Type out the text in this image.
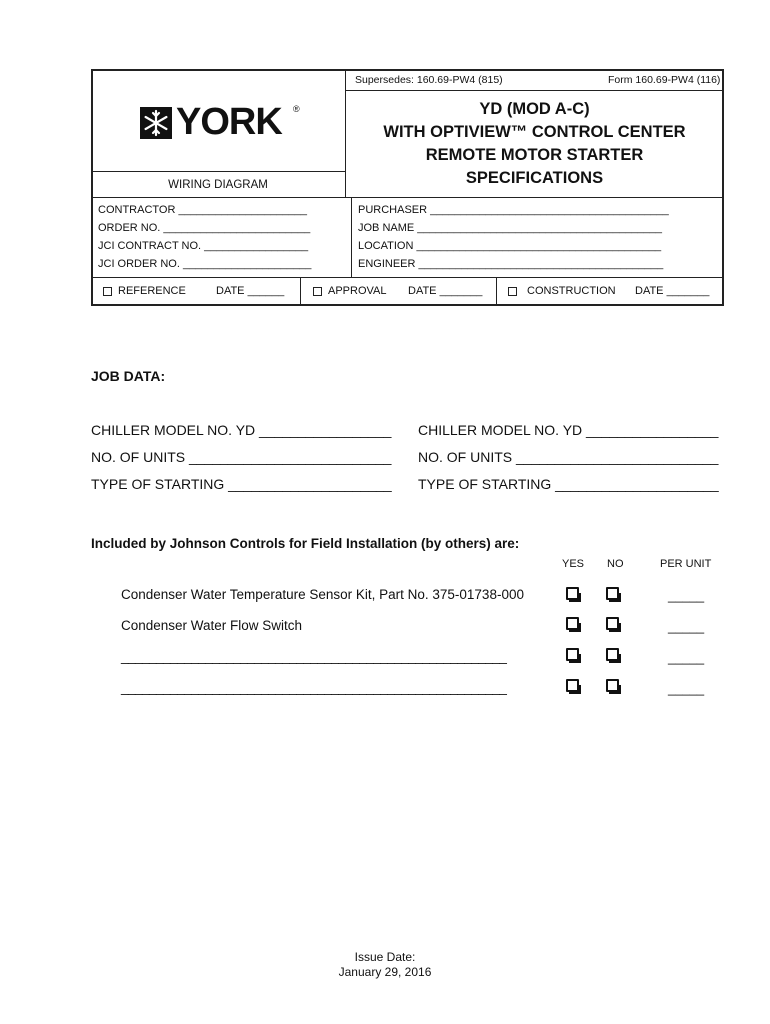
Supersedes: 160.69-PW4 (815)	Form 160.69-PW4 (116)
YORK ®
WIRING DIAGRAM
YD (MOD A-C)
WITH OPTIVIEW™ CONTROL CENTER
REMOTE MOTOR STARTER
SPECIFICATIONS
CONTRACTOR _____________________
ORDER NO. ________________________
JCI CONTRACT NO. _________________
JCI ORDER NO. _____________________
PURCHASER _______________________________________
JOB NAME ________________________________________
LOCATION ________________________________________
ENGINEER ________________________________________
REFERENCE	DATE ______	APPROVAL DATE _______	CONSTRUCTION DATE _______
JOB DATA:
CHILLER MODEL NO. YD _________________
NO. OF UNITS __________________________
TYPE OF STARTING _____________________
CHILLER MODEL NO. YD _________________
NO. OF UNITS __________________________
TYPE OF STARTING _____________________
Included by Johnson Controls for Field Installation (by others) are:
YES NO	PER UNIT
Condenser Water Temperature Sensor Kit, Part No. 375-01738-000	_____
Condenser Water Flow Switch	_____
_______________________________________________________	_____
_______________________________________________________	_____
Issue Date:
January 29, 2016
